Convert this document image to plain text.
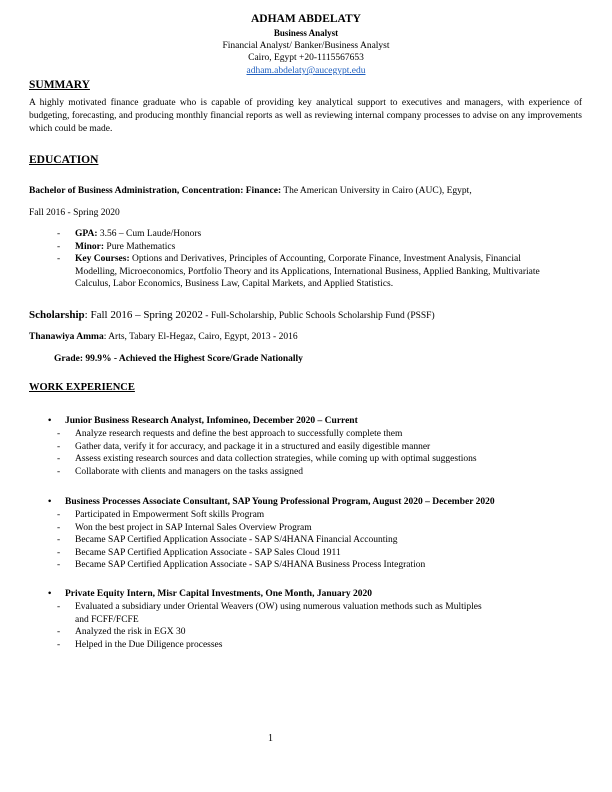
ADHAM ABDELATY
Business Analyst
Financial Analyst/ Banker/Business Analyst
Cairo, Egypt +20-1115567653
adham.abdelaty@aucegypt.edu
SUMMARY
A highly motivated finance graduate who is capable of providing key analytical support to executives and managers, with experience of budgeting, forecasting, and producing monthly financial reports as well as reviewing internal company processes to advise on any improvements which could be made.
EDUCATION
Bachelor of Business Administration, Concentration: Finance: The American University in Cairo (AUC), Egypt,
Fall 2016 - Spring 2020
- GPA: 3.56 – Cum Laude/Honors
- Minor: Pure Mathematics
- Key Courses: Options and Derivatives, Principles of Accounting, Corporate Finance, Investment Analysis, Financial Modelling, Microeconomics, Portfolio Theory and its Applications, International Business, Applied Banking, Multivariate Calculus, Labor Economics, Business Law, Capital Markets, and Applied Statistics.
Scholarship: Fall 2016 – Spring 20202 - Full-Scholarship, Public Schools Scholarship Fund (PSSF)
Thanawiya Amma: Arts, Tabary El-Hegaz, Cairo, Egypt, 2013 - 2016
Grade: 99.9% - Achieved the Highest Score/Grade Nationally
WORK EXPERIENCE
• Junior Business Research Analyst, Infomineo, December 2020 – Current
- Analyze research requests and define the best approach to successfully complete them
- Gather data, verify it for accuracy, and package it in a structured and easily digestible manner
- Assess existing research sources and data collection strategies, while coming up with optimal suggestions
- Collaborate with clients and managers on the tasks assigned
• Business Processes Associate Consultant, SAP Young Professional Program, August 2020 – December 2020
- Participated in Empowerment Soft skills Program
- Won the best project in SAP Internal Sales Overview Program
- Became SAP Certified Application Associate - SAP S/4HANA Financial Accounting
- Became SAP Certified Application Associate - SAP Sales Cloud 1911
- Became SAP Certified Application Associate - SAP S/4HANA Business Process Integration
• Private Equity Intern, Misr Capital Investments, One Month, January 2020
- Evaluated a subsidiary under Oriental Weavers (OW) using numerous valuation methods such as Multiples and FCFF/FCFE
- Analyzed the risk in EGX 30
- Helped in the Due Diligence processes
1
